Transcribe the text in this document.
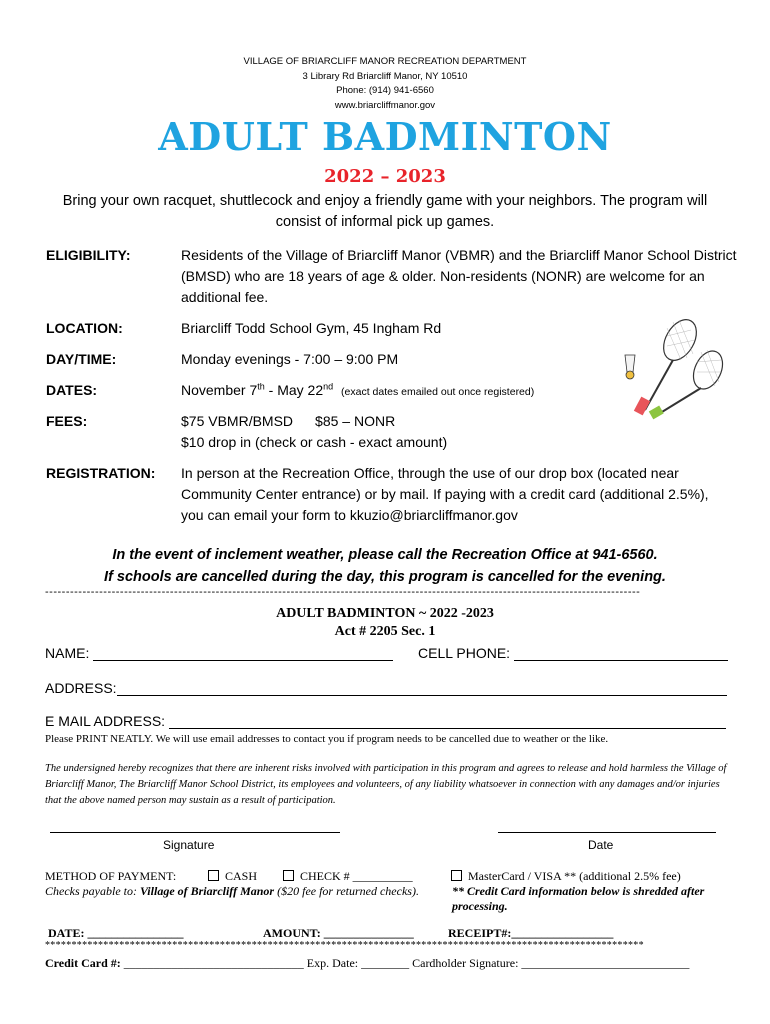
VILLAGE OF BRIARCLIFF MANOR RECREATION DEPARTMENT
3 Library Rd Briarcliff Manor, NY 10510
Phone: (914) 941-6560
www.briarcliffmanor.gov
ADULT BADMINTON
2022 – 2023
Bring your own racquet, shuttlecock and enjoy a friendly game with your neighbors. The program will consist of informal pick up games.
ELIGIBILITY:	Residents of the Village of Briarcliff Manor (VBMR) and the Briarcliff Manor School District (BMSD) who are 18 years of age & older. Non-residents (NONR) are welcome for an additional fee.
LOCATION:	Briarcliff Todd School Gym, 45 Ingham Rd
DAY/TIME:	Monday evenings - 7:00 – 9:00 PM
DATES:	November 7th - May 22nd (exact dates emailed out once registered)
FEES:	$75 VBMR/BMSD $85 – NONR
$10 drop in (check or cash - exact amount)
REGISTRATION: In person at the Recreation Office, through the use of our drop box (located near Community Center entrance) or by mail. If paying with a credit card (additional 2.5%), you can email your form to kkuzio@briarcliffmanor.gov
In the event of inclement weather, please call the Recreation Office at 941-6560.
If schools are cancelled during the day, this program is cancelled for the evening.
-----------------------------------------------------------------------------------------------------------------------------------------------
ADULT BADMINTON ~ 2022 -2023
Act # 2205 Sec. 1
NAME:	CELL PHONE:
ADDRESS:
E MAIL ADDRESS:
Please PRINT NEATLY. We will use email addresses to contact you if program needs to be cancelled due to weather or the like.
The undersigned hereby recognizes that there are inherent risks involved with participation in this program and agrees to release and hold harmless the Village of Briarcliff Manor, The Briarcliff Manor School District, its employees and volunteers, of any liability whatsoever in connection with any damages and/or injuries that the above named person may sustain as a result of participation.
Signature	Date
METHOD OF PAYMENT:	CASH	CHECK # __________	MasterCard / VISA ** (additional 2.5% fee)
Checks payable to: Village of Briarcliff Manor ($20 fee for returned checks).	** Credit Card information below is shredded after processing.
DATE: ________________	AMOUNT: _______________	RECEIPT#:_________________
*****************************************************************************************************************
Credit Card #: ______________________________ Exp. Date: ________ Cardholder Signature: ____________________________
